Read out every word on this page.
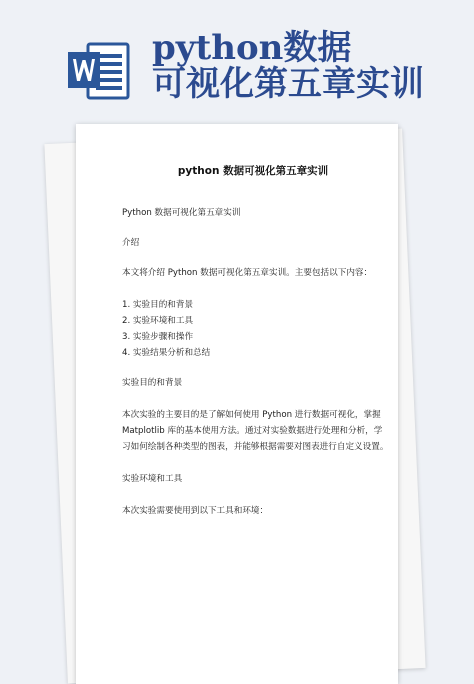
python数据
可视化第五章实训
python 数据可视化第五章实训
Python 数据可视化第五章实训
介绍
本文将介绍 Python 数据可视化第五章实训。主要包括以下内容：
1. 实验目的和背景
2. 实验环境和工具
3. 实验步骤和操作
4. 实验结果分析和总结
实验目的和背景
本次实验的主要目的是了解如何使用 Python 进行数据可视化，掌握
Matplotlib 库的基本使用方法。通过对实验数据进行处理和分析，学
习如何绘制各种类型的图表，并能够根据需要对图表进行自定义设置。
实验环境和工具
本次实验需要使用到以下工具和环境：
